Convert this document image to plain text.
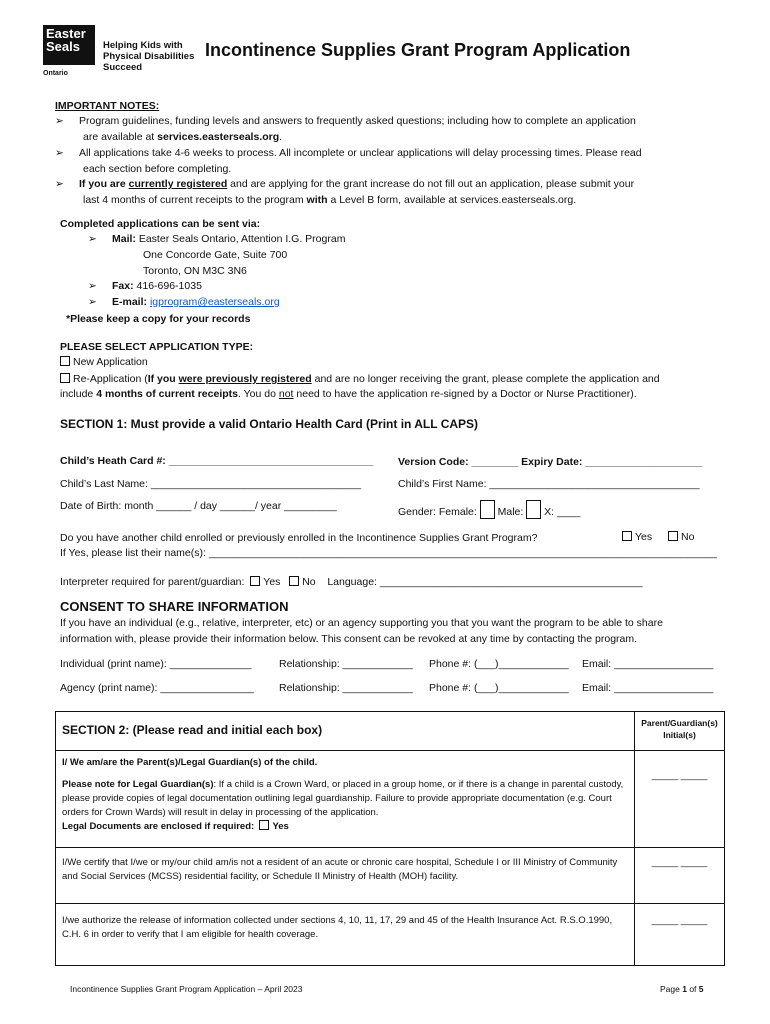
Easter
Seals
Ontario
Helping Kids with
Physical Disabilities
Succeed
Incontinence Supplies Grant Program Application
IMPORTANT NOTES:
➢ Program guidelines, funding levels and answers to frequently asked questions; including how to complete an application
are available at services.easterseals.org.
➢ All applications take 4-6 weeks to process. All incomplete or unclear applications will delay processing times. Please read
each section before completing.
➢ If you are currently registered and are applying for the grant increase do not fill out an application, please submit your
last 4 months of current receipts to the program with a Level B form, available at services.easterseals.org.
Completed applications can be sent via:
➢ Mail: Easter Seals Ontario, Attention I.G. Program
One Concorde Gate, Suite 700
Toronto, ON M3C 3N6
➢ Fax: 416-696-1035
➢ E-mail: igprogram@easterseals.org
*Please keep a copy for your records
PLEASE SELECT APPLICATION TYPE:
New Application
Re-Application (If you were previously registered and are no longer receiving the grant, please complete the application and
include 4 months of current receipts. You do not need to have the application re-signed by a Doctor or Nurse Practitioner).
SECTION 1: Must provide a valid Ontario Health Card (Print in ALL CAPS)
Child’s Heath Card #: ___________________________________ Version Code: ________ Expiry Date: ____________________
Child’s Last Name: ____________________________________	Child’s First Name: ____________________________________
Date of Birth: month ______ / day ______/ year _________	Gender: Female: Male: X: ____
Do you have another child enrolled or previously enrolled in the Incontinence Supplies Grant Program?	Yes	No
If Yes, please list their name(s): _______________________________________________________________________________________
Interpreter required for parent/guardian: Yes No Language: _____________________________________________
CONSENT TO SHARE INFORMATION
If you have an individual (e.g., relative, interpreter, etc) or an agency supporting you that you want the program to be able to share
information with, please provide their information below. This consent can be revoked at any time by contacting the program.
Individual (print name): ______________	Relationship: ____________ Phone #: (___)____________ Email: _________________
Agency (print name): ________________ Relationship: ____________ Phone #: (___)____________ Email: _________________
SECTION 2: (Please read and initial each box)	Parent/Guardian(s)
Initial(s)

I/ We am/are the Parent(s)/Legal Guardian(s) of the child.
Please note for Legal Guardian(s): If a child is a Crown Ward, or placed in a group home, or if there is a change in parental custody, please provide copies of legal documentation outlining legal guardianship. Failure to provide appropriate documentation (e.g. Court orders for Crown Wards) will result in delay in processing of the application.
Legal Documents are enclosed if required: Yes	_____ _____
I/We certify that I/we or my/our child am/is not a resident of an acute or chronic care hospital, Schedule I or III Ministry of Community and Social Services (MCSS) residential facility, or Schedule II Ministry of Health (MOH) facility.	_____ _____
I/we authorize the release of information collected under sections 4, 10, 11, 17, 29 and 45 of the Health Insurance Act. R.S.O.1990, C.H. 6 in order to verify that I am eligible for health coverage.	_____ _____
Incontinence Supplies Grant Program Application – April 2023	Page 1 of 5
